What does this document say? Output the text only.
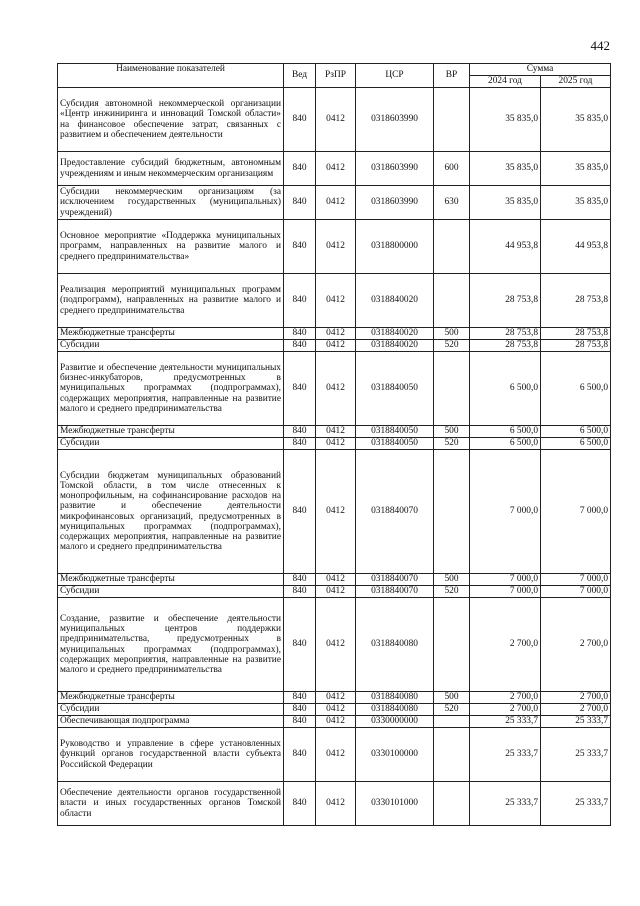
442
Наименование показателей	Вед	РзПР	ЦСР	ВР	Сумма	
					2024 год	2025 год
Субсидия автономной некоммерческой организации «Центр инжиниринга и инноваций Томской области» на финансовое обеспечение затрат, связанных с развитием и обеспечением деятельности	840	0412	0318603990		35 835,0	35 835,0
Предоставление субсидий бюджетным, автономным учреждениям и иным некоммерческим организациям	840	0412	0318603990	600	35 835,0	35 835,0
Субсидии некоммерческим организациям (за исключением государственных (муниципальных) учреждений)	840	0412	0318603990	630	35 835,0	35 835,0
Основное мероприятие «Поддержка муниципальных программ, направленных на развитие малого и среднего предпринимательства»	840	0412	0318800000		44 953,8	44 953,8
Реализация мероприятий муниципальных программ (подпрограмм), направленных на развитие малого и среднего предпринимательства	840	0412	0318840020		28 753,8	28 753,8
Межбюджетные трансферты	840	0412	0318840020	500	28 753,8	28 753,8
Субсидии	840	0412	0318840020	520	28 753,8	28 753,8
Развитие и обеспечение деятельности муниципальных бизнес-инкубаторов, предусмотренных в муниципальных программах (подпрограммах), содержащих мероприятия, направленные на развитие малого и среднего предпринимательства	840	0412	0318840050		6 500,0	6 500,0
Межбюджетные трансферты	840	0412	0318840050	500	6 500,0	6 500,0
Субсидии	840	0412	0318840050	520	6 500,0	6 500,0
Субсидии бюджетам муниципальных образований Томской области, в том числе отнесенных к монопрофильным, на софинансирование расходов на развитие и обеспечение деятельности микрофинансовых организаций, предусмотренных в муниципальных программах (подпрограммах), содержащих мероприятия, направленные на развитие малого и среднего предпринимательства	840	0412	0318840070		7 000,0	7 000,0
Межбюджетные трансферты	840	0412	0318840070	500	7 000,0	7 000,0
Субсидии	840	0412	0318840070	520	7 000,0	7 000,0
Создание, развитие и обеспечение деятельности муниципальных центров поддержки предпринимательства, предусмотренных в муниципальных программах (подпрограммах), содержащих мероприятия, направленные на развитие малого и среднего предпринимательства	840	0412	0318840080		2 700,0	2 700,0
Межбюджетные трансферты	840	0412	0318840080	500	2 700,0	2 700,0
Субсидии	840	0412	0318840080	520	2 700,0	2 700,0
Обеспечивающая подпрограмма	840	0412	0330000000		25 333,7	25 333,7
Руководство и управление в сфере установленных функций органов государственной власти субъекта Российской Федерации	840	0412	0330100000		25 333,7	25 333,7
Обеспечение деятельности органов государственной власти и иных государственных органов Томской области	840	0412	0330101000		25 333,7	25 333,7
